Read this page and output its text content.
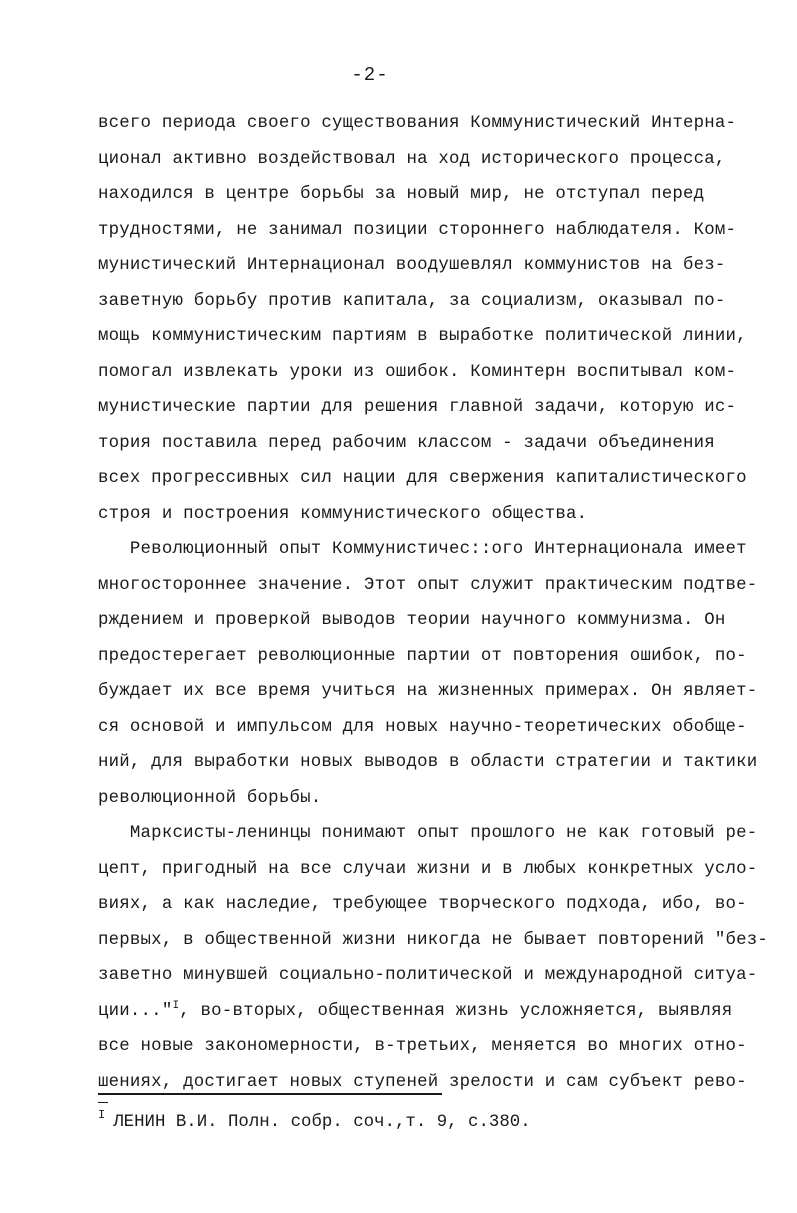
-2-
всего периода своего существования Коммунистический Интерна-
ционал активно воздействовал на ход исторического процесса,
находился в центре борьбы за новый мир, не отступал перед
трудностями, не занимал позиции стороннего наблюдателя. Ком-
мунистический Интернационал воодушевлял коммунистов на без-
заветную борьбу против капитала, за социализм, оказывал по-
мощь коммунистическим партиям в выработке политической линии,
помогал извлекать уроки из ошибок. Коминтерн воспитывал ком-
мунистические партии для решения главной задачи, которую ис-
тория поставила перед рабочим классом - задачи объединения
всех прогрессивных сил нации для свержения капиталистического
строя и построения коммунистического общества.
Революционный опыт Коммунистичес::ого Интернационала имеет
многостороннее значение. Этот опыт служит практическим подтве-
рждением и проверкой выводов теории научного коммунизма. Он
предостерегает революционные партии от повторения ошибок, по-
буждает их все время учиться на жизненных примерах. Он являет-
ся основой и импульсом для новых научно-теоретических обобще-
ний, для выработки новых выводов в области стратегии и тактики
революционной борьбы.
Марксисты-ленинцы понимают опыт прошлого не как готовый ре-
цепт, пригодный на все случаи жизни и в любых конкретных усло-
виях, а как наследие, требующее творческого подхода, ибо, во-
первых, в общественной жизни никогда не бывает повторений "без-
заветно минувшей социально-политической и международной ситуа-
ции..."$^I$, во-вторых, общественная жизнь усложняется, выявляя
все новые закономерности, в-третьих, меняется во многих отно-
шениях, достигает новых ступеней зрелости и сам субъект рево-
$^I$ ЛЕНИН В.И. Полн. собр. соч.,т. 9, с.380.
